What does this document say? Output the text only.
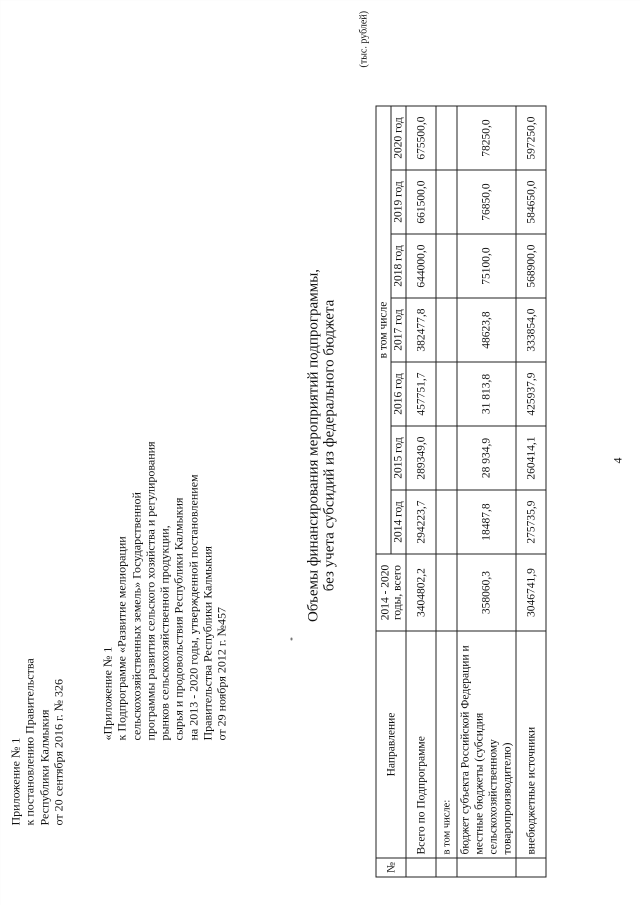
Приложение № 1 к постановлению Правительства Республики Калмыкия от 20 сентября 2016 г. № 326	«Приложение № 1 к Подпрограмме «Развитие мелиорации сельскохозяйственных земель» Государственной программы развития сельского хозяйства и регулирования рынков сельскохозяйственной продукции, сырья и продовольствия Республики Калмыкия на 2013 - 2020 годы, утвержденной постановлением Правительства Республики Калмыкия от 29 ноября 2012 г. №457
Объемы финансирования мероприятий подпрограммы, без учета субсидий из федерального бюджета
(тыс. рублей)
№	Направление	2014 - 2020 годы, всего	в том числе						
			2014 год	2015 год	2016 год	2017 год	2018 год	2019 год	2020 год
	Всего по Подпрограмме	3404802,2	294223,7	289349,0	457751,7	382477,8	644000,0	661500,0	675500,0
	в том числе:								
	бюджет субъекта Российской Федерации и местные бюджеты (субсидия сельскохозяйственному товаропроизводителю)	358060,3	18487,8	28 934,9	31 813,8	48623,8	75100,0	76850,0	78250,0
	внебюджетные источники	3046741,9	275735,9	260414,1	425937,9	333854,0	568900,0	584650,0	597250,0
4
